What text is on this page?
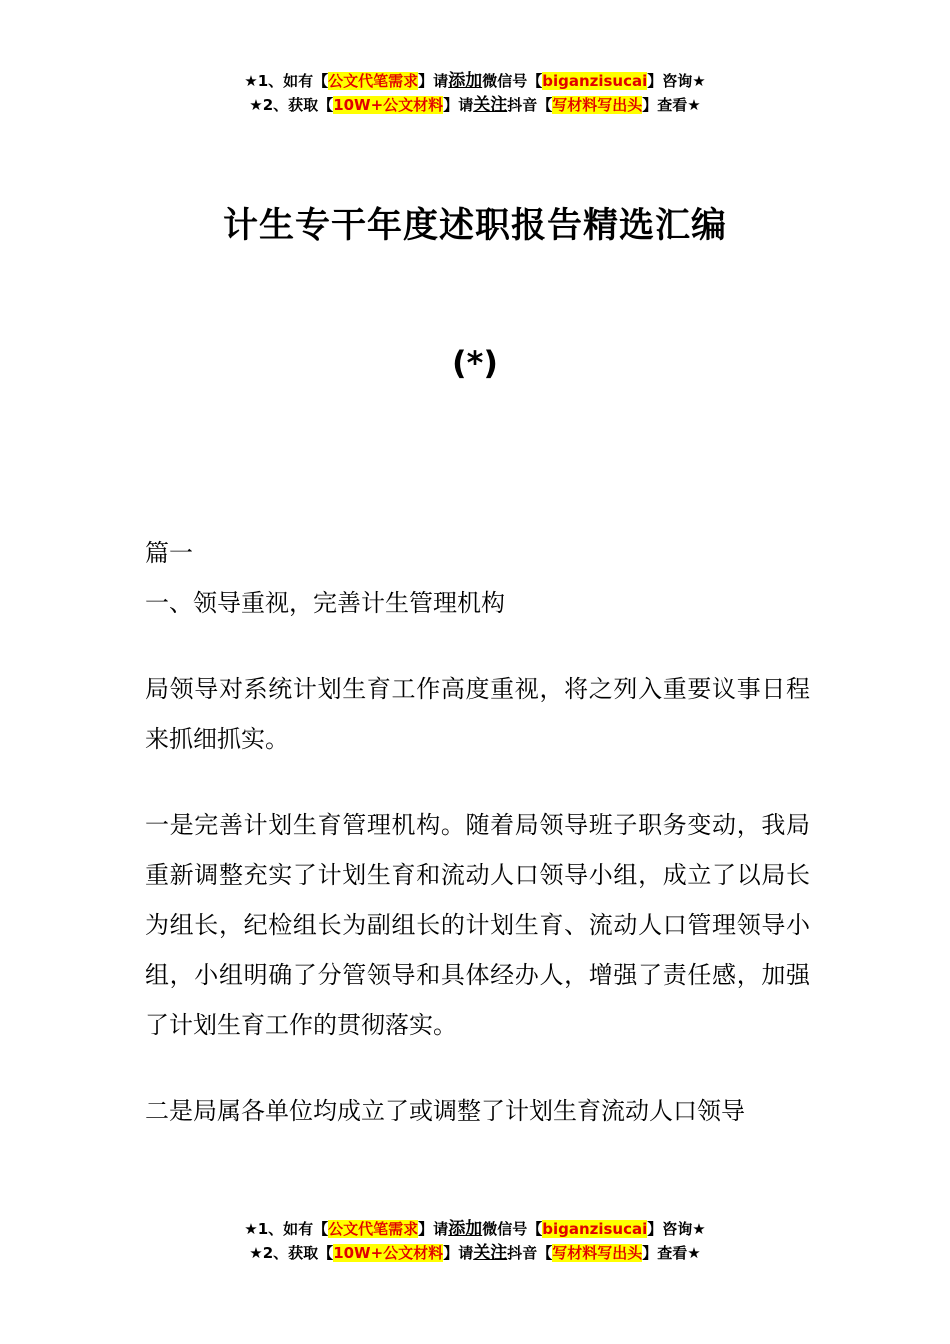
★1、如有【公文代笔需求】请添加微信号【biganzisucai】咨询★
★2、获取【10W+公文材料】请关注抖音【写材料写出头】查看★
计生专干年度述职报告精选汇编
(*)

篇一

一、领导重视，完善计生管理机构

局领导对系统计划生育工作高度重视，将之列入重要议事日程来抓细抓实。

一是完善计划生育管理机构。随着局领导班子职务变动，我局重新调整充实了计划生育和流动人口领导小组，成立了以局长为组长，纪检组长为副组长的计划生育、流动人口管理领导小组，小组明确了分管领导和具体经办人，增强了责任感，加强了计划生育工作的贯彻落实。

二是局属各单位均成立了或调整了计划生育流动人口领导

★1、如有【公文代笔需求】请添加微信号【biganzisucai】咨询★
★2、获取【10W+公文材料】请关注抖音【写材料写出头】查看★
